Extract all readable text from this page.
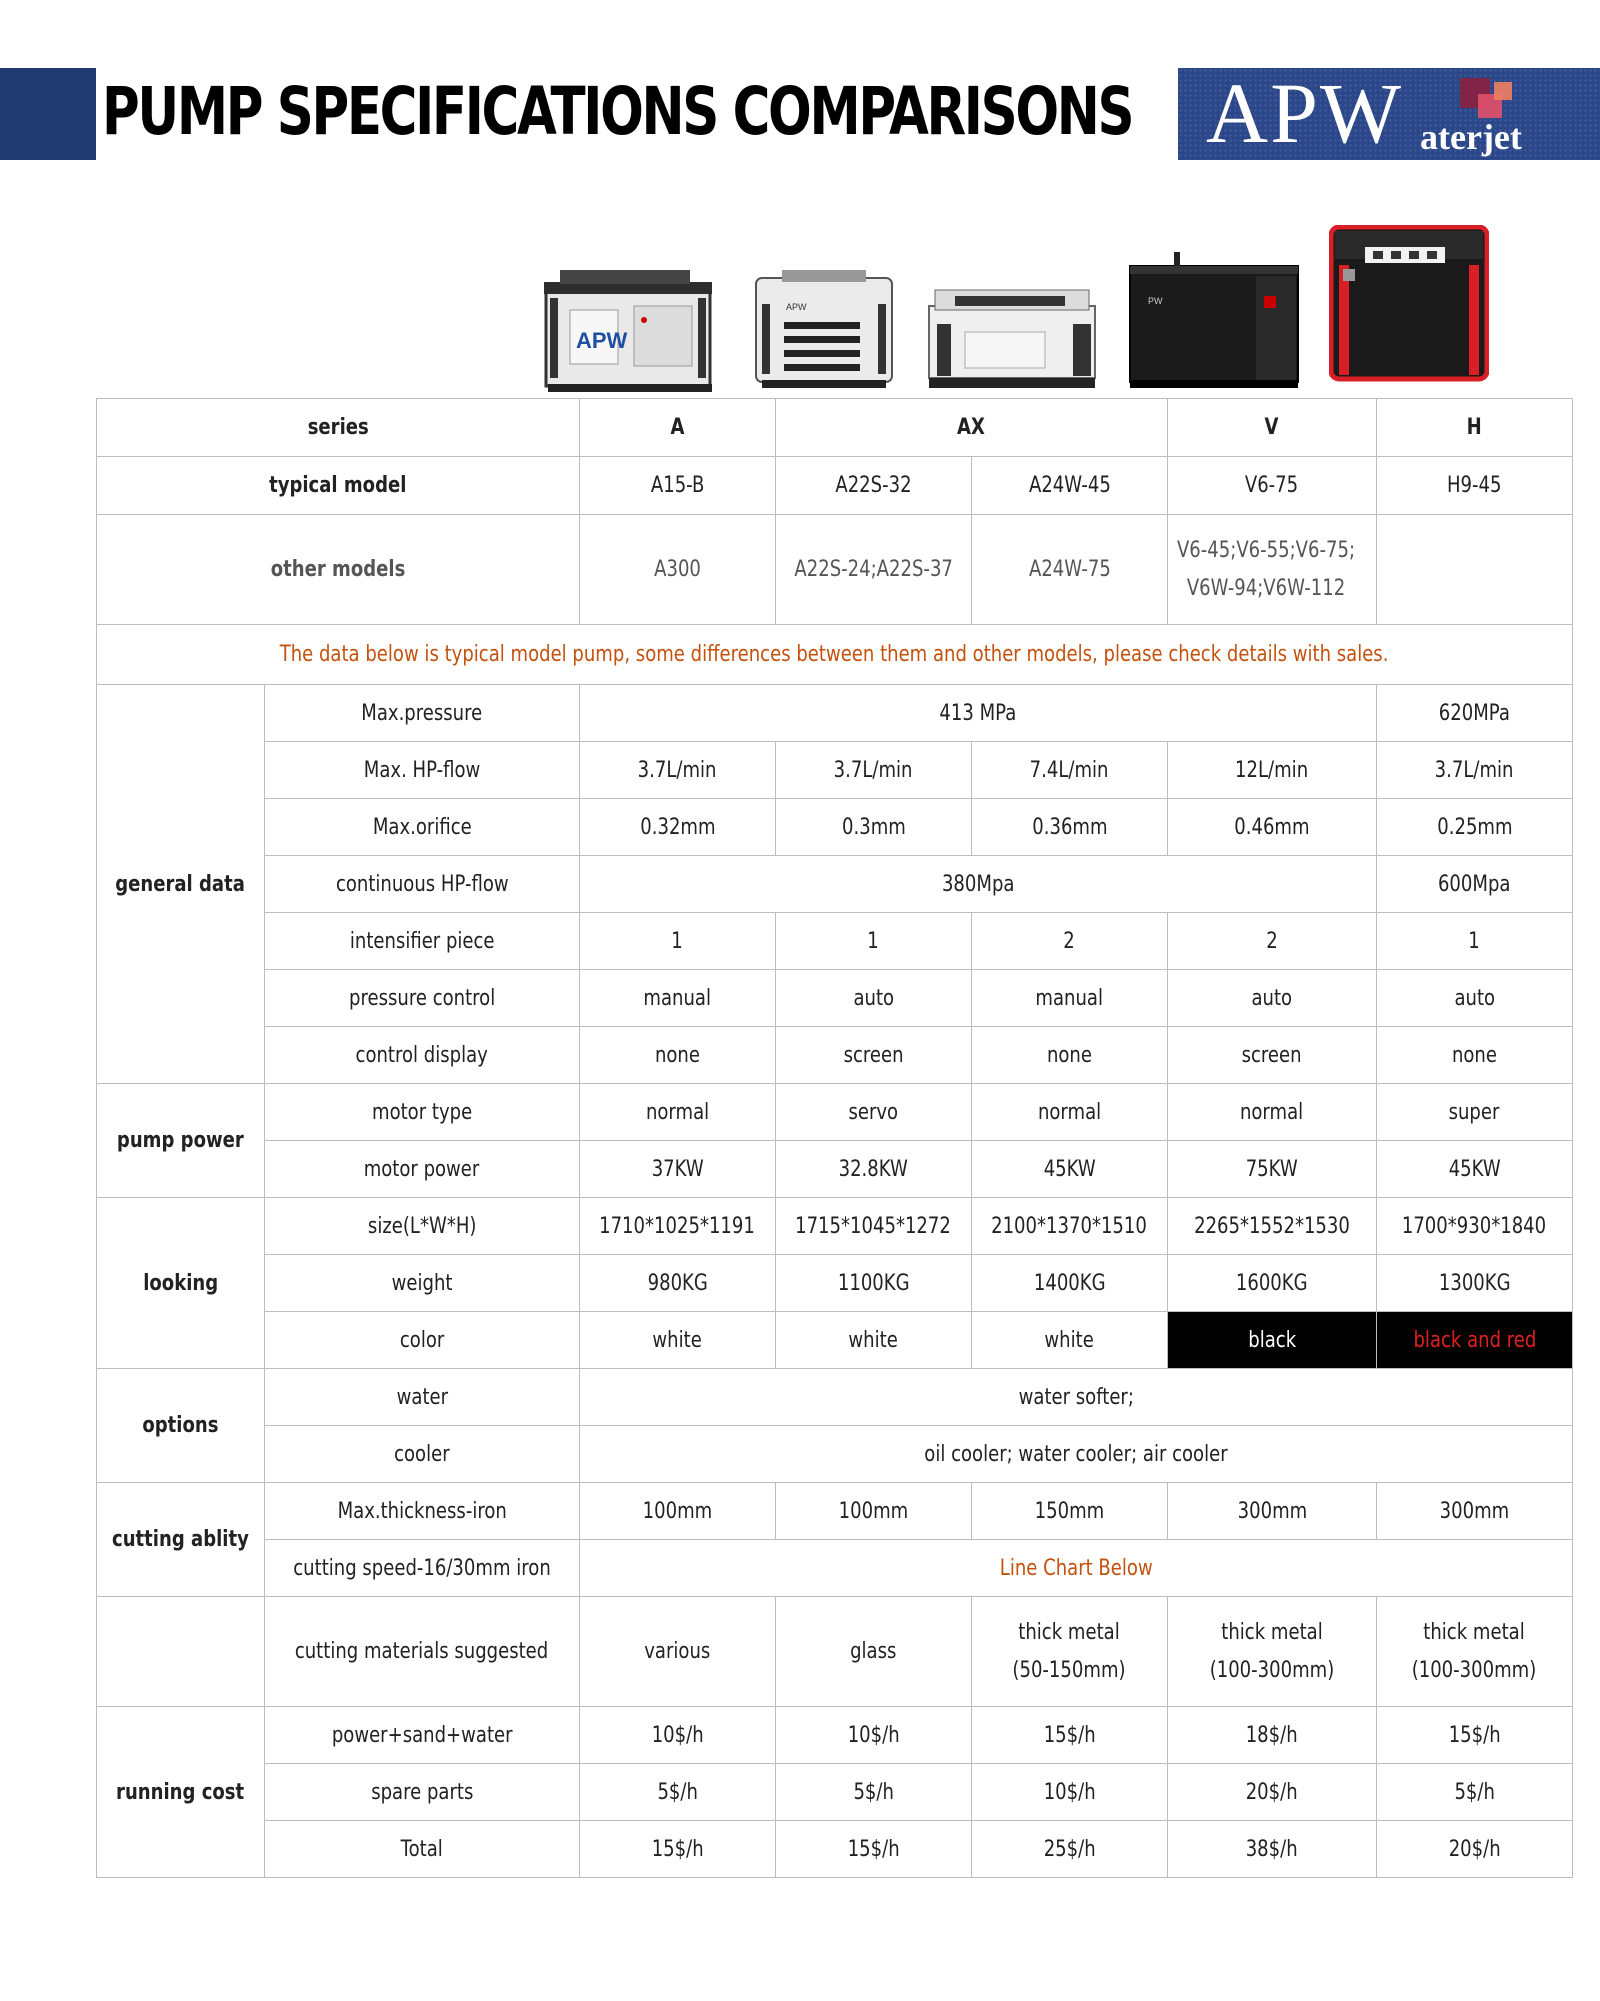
PUMP SPECIFICATIONS COMPARISONS APW aterjet
APW
APW
PW
series		A	AX		V	H
typical model		A15-B	A22S-32	A24W-45	V6-75	H9-45
other models		A300	A22S-24;A22S-37	A24W-75	V6-45;V6-55;V6-75;V6W-94;V6W-112	
The data below is typical model pump, some differences between them and other models, please check details with sales.						
general data	Max.pressure	413 MPa				620MPa
	Max. HP-flow	3.7L/min	3.7L/min	7.4L/min	12L/min	3.7L/min
	Max.orifice	0.32mm	0.3mm	0.36mm	0.46mm	0.25mm
	continuous HP-flow	380Mpa				600Mpa
	intensifier piece	1	1	2	2	1
	pressure control	manual	auto	manual	auto	auto
	control display	none	screen	none	screen	none
pump power	motor type	normal	servo	normal	normal	super
	motor power	37KW	32.8KW	45KW	75KW	45KW
looking	size(L*W*H)	1710*1025*1191	1715*1045*1272	2100*1370*1510	2265*1552*1530	1700*930*1840
	weight	980KG	1100KG	1400KG	1600KG	1300KG
	color	white	white	white	black	black and red
options	water	water softer;				
	cooler	oil cooler; water cooler; air cooler				
cutting ablity	Max.thickness-iron	100mm	100mm	150mm	300mm	300mm
	cutting speed-16/30mm iron	Line Chart Below				
	cutting materials suggested	various	glass	thick metal (50-150mm)	thick metal (100-300mm)	thick metal (100-300mm)
running cost	power+sand+water	10$/h	10$/h	15$/h	18$/h	15$/h
	spare parts	5$/h	5$/h	10$/h	20$/h	5$/h
	Total	15$/h	15$/h	25$/h	38$/h	20$/h
